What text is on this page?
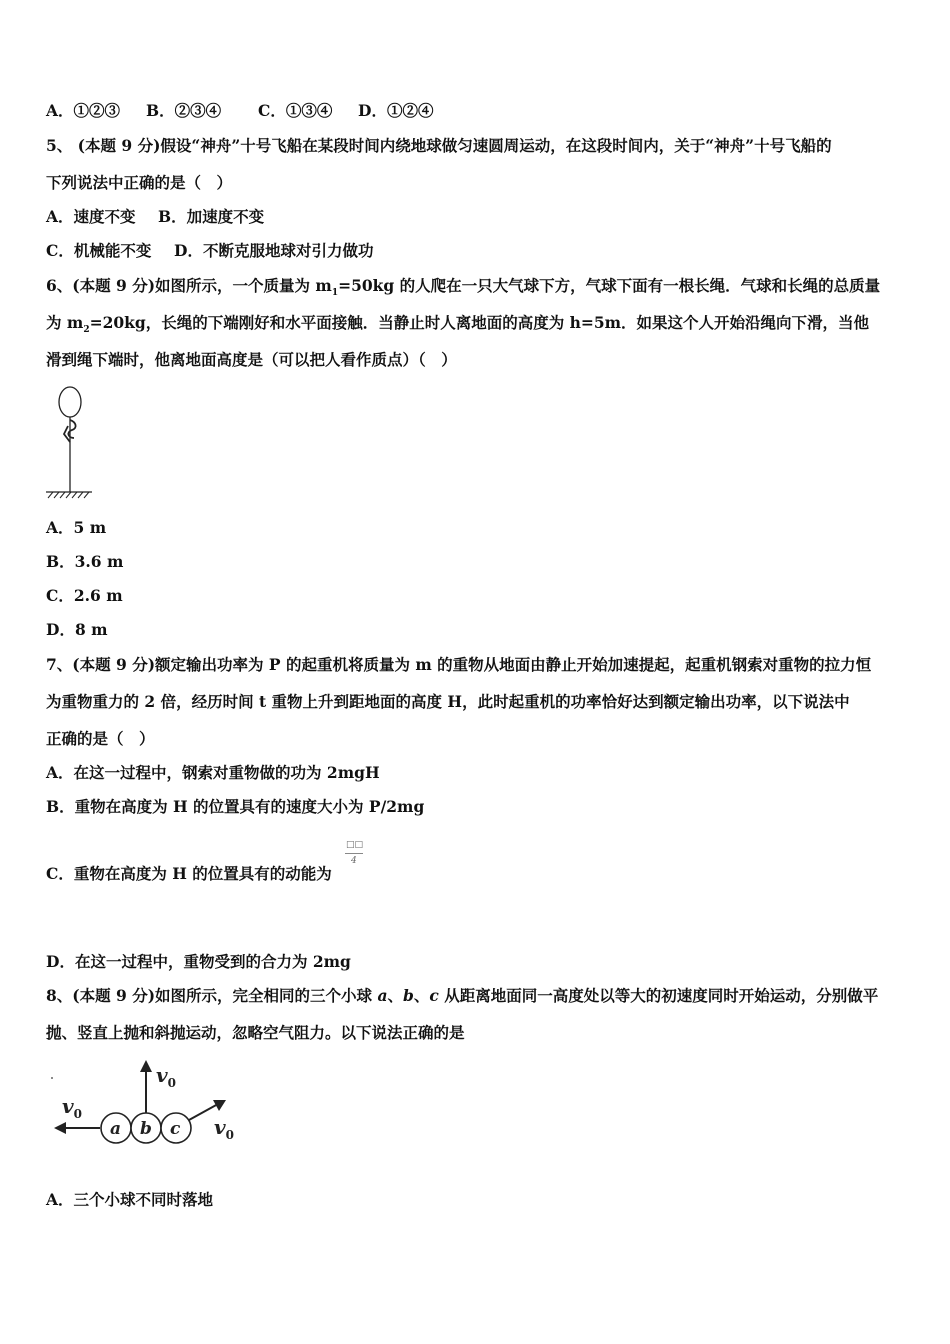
A．①②③ B．②③④ C．①③④ D．①②④
5、 (本题 9 分)假设“神舟”十号飞船在某段时间内绕地球做匀速圆周运动，在这段时间内，关于“神舟”十号飞船的
下列说法中正确的是（　）
A．速度不变 B．加速度不变
C．机械能不变 D．不断克服地球对引力做功
6、(本题 9 分)如图所示，一个质量为 $m_1=50kg$ 的人爬在一只大气球下方，气球下面有一根长绳．气球和长绳的总质量
为 $m_2=20kg$，长绳的下端刚好和水平面接触．当静止时人离地面的高度为 h=5m．如果这个人开始沿绳向下滑，当他
滑到绳下端时，他离地面高度是（可以把人看作质点）（　）
A．5 m
B．3.6 m
C．2.6 m
D．8 m
7、(本题 9 分)额定输出功率为 P 的起重机将质量为 m 的重物从地面由静止开始加速提起，起重机钢索对重物的拉力恒
为重物重力的 2 倍，经历时间 t 重物上升到距地面的高度 H，此时起重机的功率恰好达到额定输出功率，以下说法中
正确的是（　）
A．在这一过程中，钢索对重物做的功为 2mgH
B．重物在高度为 H 的位置具有的速度大小为 P/2mg
C．重物在高度为 H 的位置具有的动能为
□□
4
D．在这一过程中，重物受到的合力为 2mg
8、(本题 9 分)如图所示，完全相同的三个小球 a、b、c 从距离地面同一高度处以等大的初速度同时开始运动，分别做平
抛、竖直上抛和斜抛运动，忽略空气阻力。以下说法正确的是
$v_0$
a b c
$v_0$
$v_0$
A．三个小球不同时落地
